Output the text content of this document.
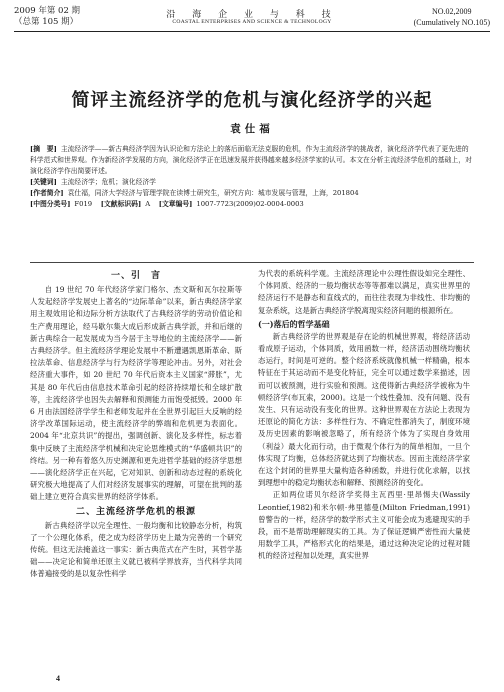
2009 年第 02 期
（总第 105 期）
沿 海 企 业 与 科 技
COASTAL ENTERPRISES AND SCIENCE & TECHNOLOGY
NO.02,2009
(Cumulatively NO.105)
简评主流经济学的危机与演化经济学的兴起
袁仕福
[摘　要] 主流经济学——新古典经济学因为认识论和方法论上的落后面临无法克服的危机，作为主流经济学的挑战者，演化经济学代表了更先进的科学范式和世界观。作为新经济学发展的方向，演化经济学正在迅速发展并获得越来越多经济学家的认可。本文在分析主流经济学危机的基础上，对演化经济学作出简要评述。
[关键词] 主流经济学；危机；演化经济学
[作者简介] 袁仕福，同济大学经济与管理学院在读博士研究生，研究方向：城市发展与管理，上海，201804
[中图分类号] F019 [文献标识码] A [文章编号] 1007-7723(2009)02-0004-0003
一、引　言

自 19 世纪 70 年代经济学家门格尔、杰文斯和瓦尔拉斯等人发起经济学发展史上著名的“边际革命”以来，新古典经济学家用主观效用论和边际分析方法取代了古典经济学的劳动价值论和生产费用理论，经马歇尔集大成后形成新古典学派，并和后继的新古典综合一起发展成为当今居于主导地位的主流经济学——新古典经济学。但主流经济学理论发展中不断遭遇凯恩斯革命、斯拉法革命、信息经济学与行为经济学等理论冲击。另外，对社会经济重大事件，如 20 世纪 70 年代后资本主义国家“滞胀”，尤其是 80 年代后由信息技术革命引起的经济持续增长和全球扩散等，主流经济学也因失去解释和预测能力而饱受抵毁。2000 年 6 月由法国经济学学生和老师发起并在全世界引起巨大反响的经济学改革国际运动，使主流经济学的弊端和危机更为表面化。2004 年“北京共识”的提出，强调创新、演化及多样性，标志着集中反映了主流经济学机械和决定论思维模式的“华盛顿共识”的终结。另一种有着悠久历史渊源和更先进哲学基础的经济学思想——演化经济学正在兴起，它对知识、创新和动态过程的系统化研究极大地提高了人们对经济发展事实的理解，可望在批判的基础上建立更符合真实世界的经济学体系。

二、主流经济学危机的根源

新古典经济学以完全理性、一般均衡和比较静态分析，构筑了一个公理化体系，使之成为经济学历史上最为完善的一个研究传统。但这无法掩盖这一事实：新古典范式在产生时，其哲学基础——决定论和简单还原主义就已被科学界放弃，当代科学共同体普遍接受的是以复杂性科学

为代表的系统科学观。主流经济理论中公理性假设如完全理性、个体同质、经济的一般均衡状态等等都难以满足，真实世界里的经济运行不是静态和直线式的，而往往表现为非线性、非均衡的复杂系统，这是新古典经济学脱离现实经济问题的根源所在。

(一)落后的哲学基础

新古典经济学的世界观是存在论的机械世界观，将经济活动看成原子运动，个体同质，效用函数一样，经济活动围绕均衡状态运行，时间是可逆的。整个经济系统就像机械一样精确，根本特征在于其运动而不是变化特征，完全可以通过数学来描述，因而可以被预测，进行实验和预测。这使得新古典经济学被称为牛顿经济学(布瓦索，2000)。这是一个线性叠加、没有问题、没有发生、只有运动没有变化的世界。这种世界观在方法论上表现为还原论的简化方法：多样性行为、不确定性都消失了，制度环境及历史因素的影响被忽略了，所有经济个体为了实现自身效用（利益）最大化而行动，由于微观个体行为的简单相加，一旦个体实现了均衡，总体经济就达到了均衡状态。因而主流经济学家在这个封闭的世界里大量构造各种函数，并进行优化求解，以找到理想中的稳定均衡状态和解释、预测经济的变化。

正如两位诺贝尔经济学奖得主瓦西里·里昂惕夫(Wassily Leontief,1982)和米尔顿·弗里德曼(Milton Friedman,1991)曾警告的一样，经济学的数学形式主义可能会成为逃避现实的手段，而不是帮助理解现实的工具。为了保证逻辑严密性而大量使用数学工具，严格形式化的结果是，通过这种决定论的过程对随机的经济过程加以处理，真实世界

4
